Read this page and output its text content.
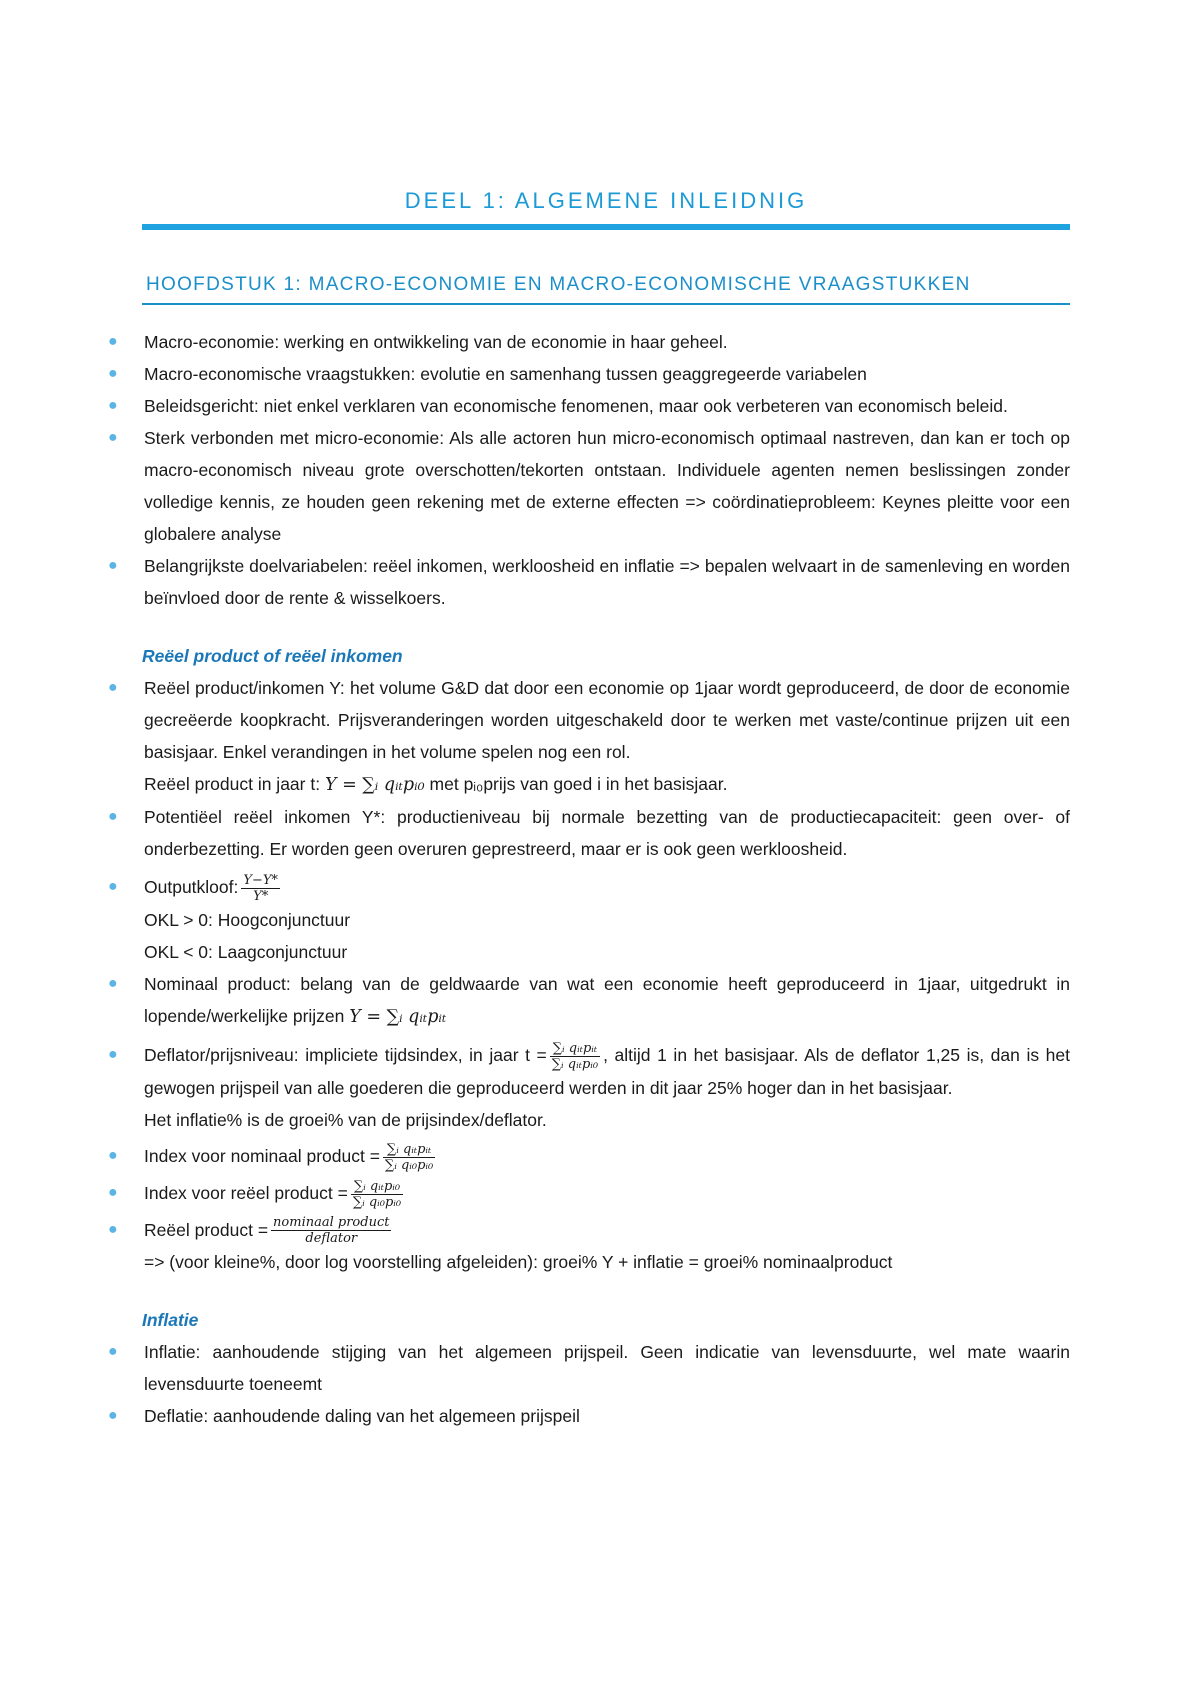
DEEL 1: ALGEMENE INLEIDNIG
HOOFDSTUK 1: MACRO-ECONOMIE EN MACRO-ECONOMISCHE VRAAGSTUKKEN
● Macro-economie: werking en ontwikkeling van de economie in haar geheel.
● Macro-economische vraagstukken: evolutie en samenhang tussen geaggregeerde variabelen
● Beleidsgericht: niet enkel verklaren van economische fenomenen, maar ook verbeteren van economisch beleid.
● Sterk verbonden met micro-economie: Als alle actoren hun micro-economisch optimaal nastreven, dan kan er toch op macro-economisch niveau grote overschotten/tekorten ontstaan. Individuele agenten nemen beslissingen zonder volledige kennis, ze houden geen rekening met de externe effecten => coördinatieprobleem: Keynes pleitte voor een globalere analyse
● Belangrijkste doelvariabelen: reëel inkomen, werkloosheid en inflatie => bepalen welvaart in de samenleving en worden beïnvloed door de rente & wisselkoers.
Reëel product of reëel inkomen
● Reëel product/inkomen Y: het volume G&D dat door een economie op 1jaar wordt geproduceerd, de door de economie gecreëerde koopkracht. Prijsveranderingen worden uitgeschakeld door te werken met vaste/continue prijzen uit een basisjaar. Enkel verandingen in het volume spelen nog een rol.
Reëel product in jaar t: Y = ∑ᵢ qᵢₜpᵢ₀ met pᵢ₀prijs van goed i in het basisjaar.
● Potentiëel reëel inkomen Y*: productieniveau bij normale bezetting van de productiecapaciteit: geen over- of onderbezetting. Er worden geen overuren geprestreerd, maar er is ook geen werkloosheid.
● Outputkloof: $\frac{Y-Y*}{Y*}$
OKL > 0: Hoogconjunctuur
OKL < 0: Laagconjunctuur
● Nominaal product: belang van de geldwaarde van wat een economie heeft geproduceerd in 1jaar, uitgedrukt in lopende/werkelijke prijzen Y = ∑ᵢ qᵢₜpᵢₜ
● Deflator/prijsniveau: impliciete tijdsindex, in jaar $t = \frac{\text{∑ᵢ qᵢₜpᵢₜ}}{\text{∑ᵢ qᵢₜpᵢ₀}}$ , altijd 1 in het basisjaar. Als de deflator 1,25 is, dan is het gewogen prijspeil van alle goederen die geproduceerd werden in dit jaar 25% hoger dan in het basisjaar.
Het inflatie% is de groei% van de prijsindex/deflator.
● Index voor nominaal product = $\frac{\text{∑ᵢ qᵢₜpᵢₜ}}{\text{∑ᵢ qᵢ₀pᵢ₀}}$
● Index voor reëel product = $\frac{\text{∑ᵢ qᵢₜpᵢ₀}}{\text{∑ᵢ qᵢ₀pᵢ₀}}$
● Reëel product = $\frac{\text{nominaal product}}{\text{deflator}}$

=> (voor kleine%, door log voorstelling afgeleiden): groei% Y + inflatie = groei% nominaalproduct
Inflatie
● Inflatie: aanhoudende stijging van het algemeen prijspeil. Geen indicatie van levensduurte, wel mate waarin levensduurte toeneemt
● Deflatie: aanhoudende daling van het algemeen prijspeil
